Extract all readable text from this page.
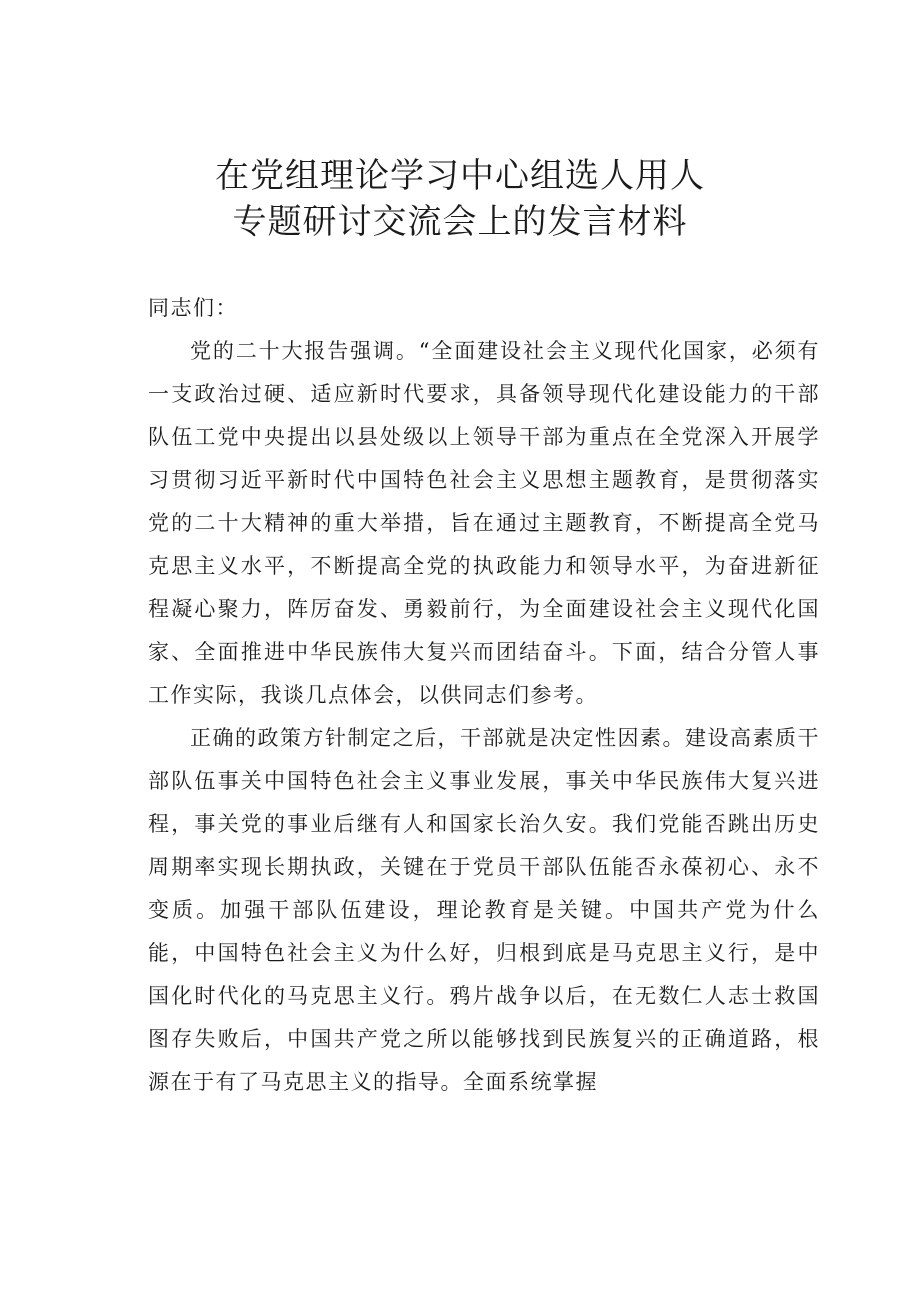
在党组理论学习中心组选人用人
专题研讨交流会上的发言材料

同志们：

党的二十大报告强调。“全面建设社会主义现代化国家，必须有一支政治过硬、适应新时代要求，具备领导现代化建设能力的干部队伍工党中央提出以县处级以上领导干部为重点在全党深入开展学习贯彻习近平新时代中国特色社会主义思想主题教育，是贯彻落实党的二十大精神的重大举措，旨在通过主题教育，不断提高全党马克思主义水平，不断提高全党的执政能力和领导水平，为奋进新征程凝心聚力，阵厉奋发、勇毅前行，为全面建设社会主义现代化国家、全面推进中华民族伟大复兴而团结奋斗。下面，结合分管人事工作实际，我谈几点体会，以供同志们参考。

正确的政策方针制定之后，干部就是决定性因素。建设高素质干部队伍事关中国特色社会主义事业发展，事关中华民族伟大复兴进程，事关党的事业后继有人和国家长治久安。我们党能否跳出历史周期率实现长期执政，关键在于党员干部队伍能否永葆初心、永不变质。加强干部队伍建设，理论教育是关键。中国共产党为什么能，中国特色社会主义为什么好，归根到底是马克思主义行，是中国化时代化的马克思主义行。鸦片战争以后，在无数仁人志士救国图存失败后，中国共产党之所以能够找到民族复兴的正确道路，根源在于有了马克思主义的指导。全面系统掌握
